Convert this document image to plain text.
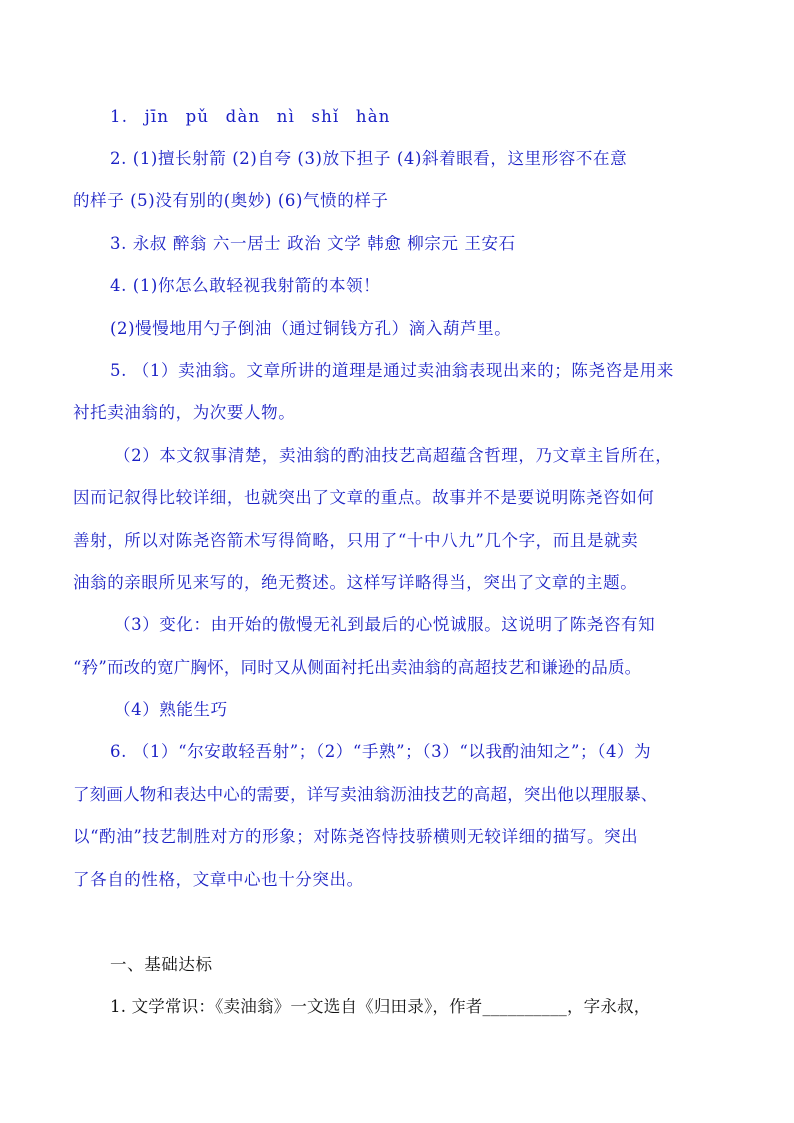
1. jīn pǔ dàn nì shǐ hàn
2. (1)擅长射箭 (2)自夸 (3)放下担子 (4)斜着眼看，这里形容不在意
的样子 (5)没有别的(奥妙) (6)气愤的样子
3. 永叔 醉翁 六一居士 政治 文学 韩愈 柳宗元 王安石
4. (1)你怎么敢轻视我射箭的本领！
(2)慢慢地用勺子倒油（通过铜钱方孔）滴入葫芦里。
5. （1）卖油翁。文章所讲的道理是通过卖油翁表现出来的；陈尧咨是用来
衬托卖油翁的，为次要人物。
（2）本文叙事清楚，卖油翁的酌油技艺高超蕴含哲理，乃文章主旨所在，
因而记叙得比较详细，也就突出了文章的重点。故事并不是要说明陈尧咨如何
善射，所以对陈尧咨箭术写得简略，只用了“十中八九”几个字，而且是就卖
油翁的亲眼所见来写的，绝无赘述。这样写详略得当，突出了文章的主题。
（3）变化：由开始的傲慢无礼到最后的心悦诚服。这说明了陈尧咨有知
“矜”而改的宽广胸怀，同时又从侧面衬托出卖油翁的高超技艺和谦逊的品质。
（4）熟能生巧
6. （1）“尔安敢轻吾射”；（2）“手熟”；（3）“以我酌油知之”；（4）为
了刻画人物和表达中心的需要，详写卖油翁沥油技艺的高超，突出他以理服暴、
以“酌油”技艺制胜对方的形象；对陈尧咨恃技骄横则无较详细的描写。突出
了各自的性格，文章中心也十分突出。
一、基础达标
1. 文学常识：《卖油翁》一文选自《归田录》，作者__________，字永叔，
